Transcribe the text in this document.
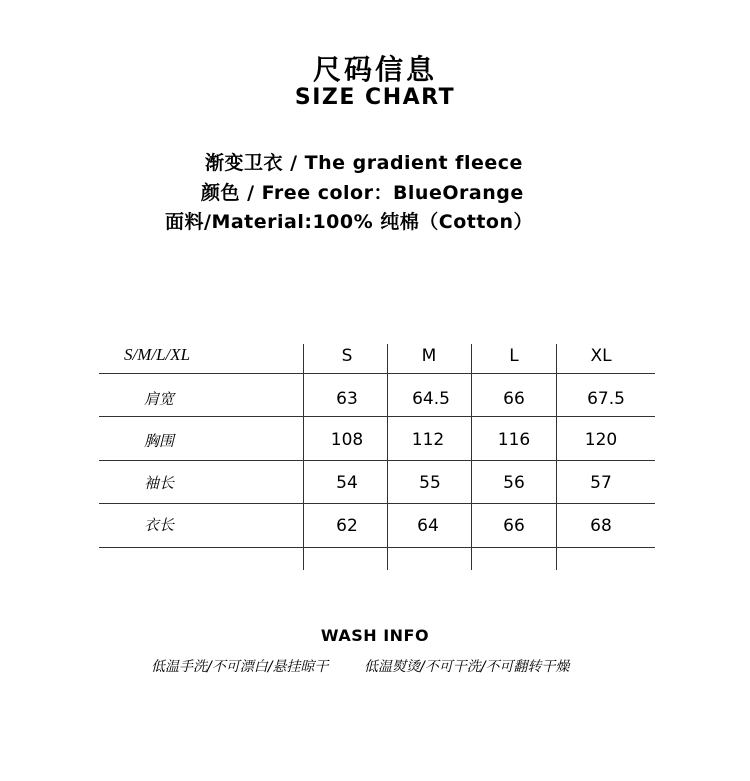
尺码信息
SIZE CHART
渐变卫衣 / The gradient fleece
颜色 / Free color：BlueOrange
面料/Material:100% 纯棉（Cotton）
S/M/L/XL	S	M	L	XL
肩宽	63	64.5	66	67.5
胸围	108	112	116	120
袖长	54	55	56	57
衣长	62	64	66	68
WASH INFO
低温手洗/不可漂白/悬挂晾干	低温熨烫/不可干洗/不可翻转干燥
